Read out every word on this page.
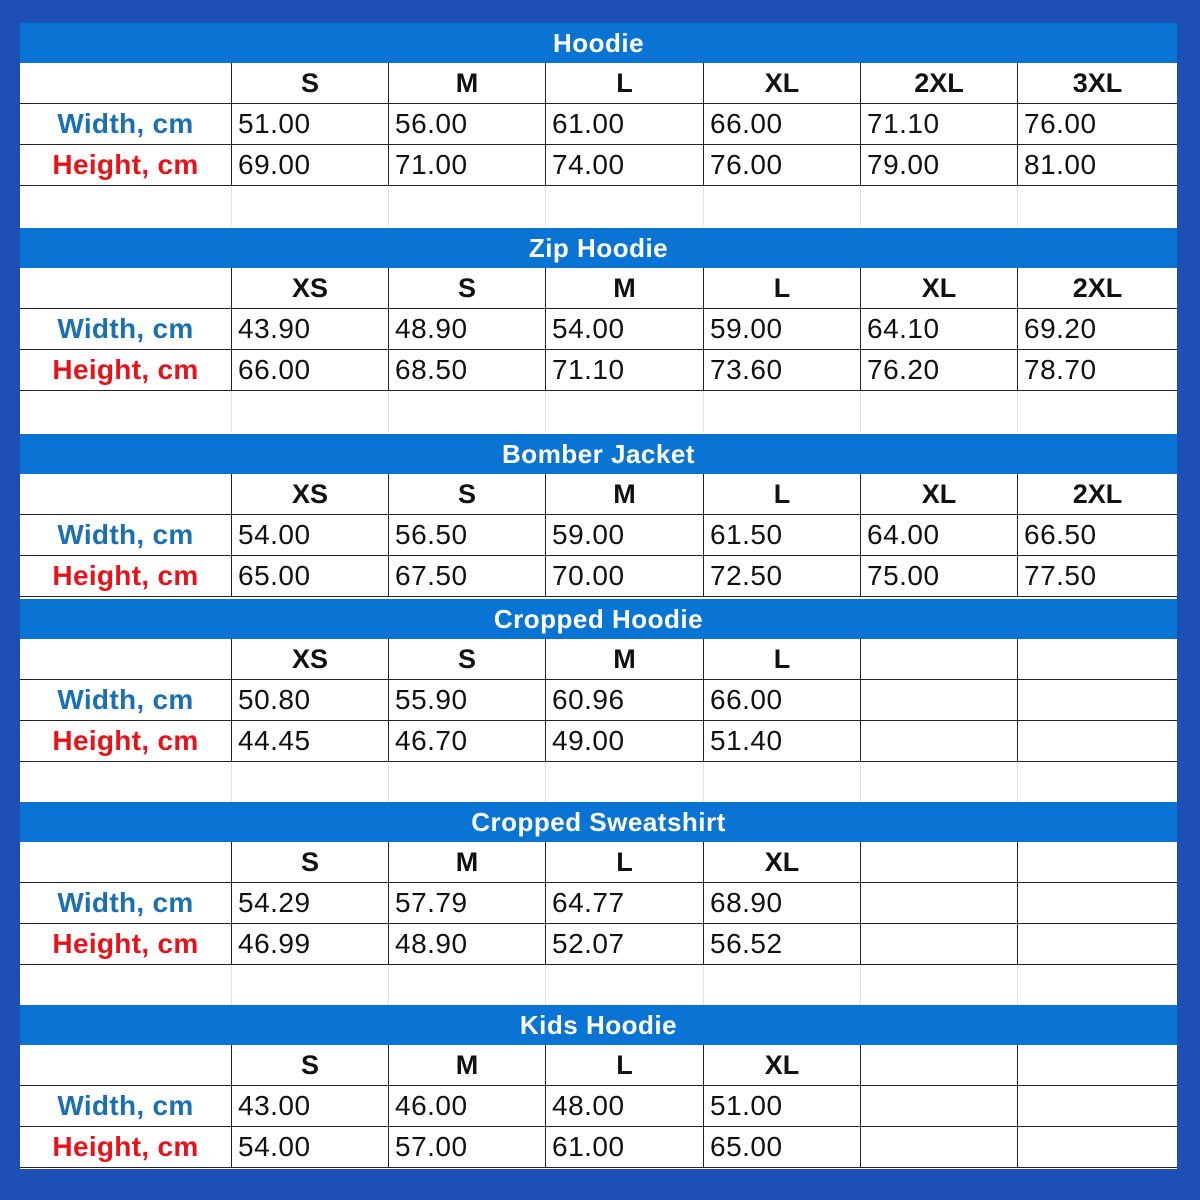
Hoodie
S	M	L	XL	2XL	3XL
Width, cm	51.00	56.00	61.00	66.00	71.10	76.00
Height, cm	69.00	71.00	74.00	76.00	79.00	81.00
Zip Hoodie
XS	S	M	L	XL	2XL
Width, cm	43.90	48.90	54.00	59.00	64.10	69.20
Height, cm	66.00	68.50	71.10	73.60	76.20	78.70
Bomber Jacket
XS	S	M	L	XL	2XL
Width, cm	54.00	56.50	59.00	61.50	64.00	66.50
Height, cm	65.00	67.50	70.00	72.50	75.00	77.50
Cropped Hoodie
XS	S	M	L
Width, cm	50.80	55.90	60.96	66.00
Height, cm	44.45	46.70	49.00	51.40
Cropped Sweatshirt
S	M	L	XL
Width, cm	54.29	57.79	64.77	68.90
Height, cm	46.99	48.90	52.07	56.52
Kids Hoodie
S	M	L	XL
Width, cm	43.00	46.00	48.00	51.00
Height, cm	54.00	57.00	61.00	65.00
